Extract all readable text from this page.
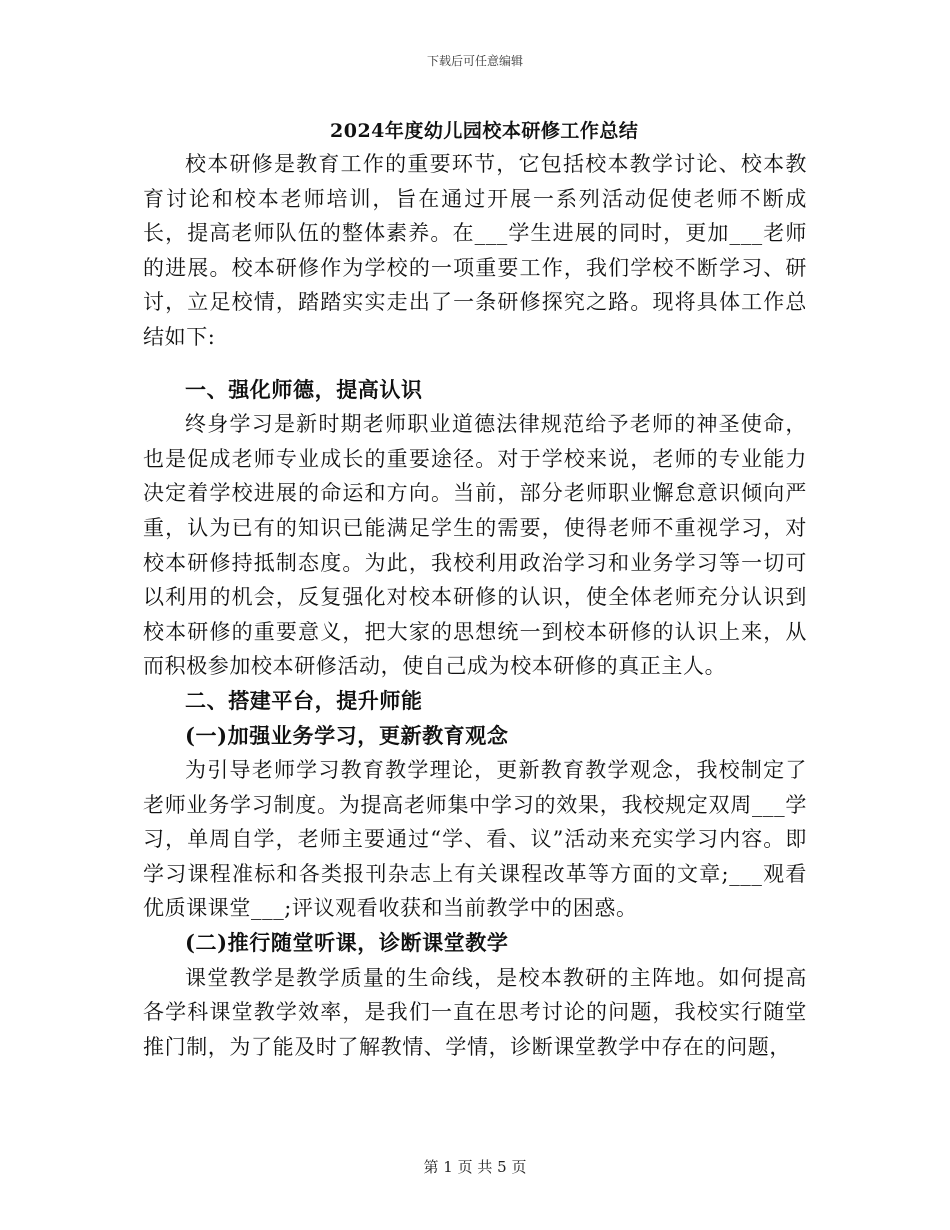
下载后可任意编辑
2024年度幼儿园校本研修工作总结

校本研修是教育工作的重要环节，它包括校本教学讨论、校本教育讨论和校本老师培训，旨在通过开展一系列活动促使老师不断成长，提高老师队伍的整体素养。在___学生进展的同时，更加___老师的进展。校本研修作为学校的一项重要工作，我们学校不断学习、研讨，立足校情，踏踏实实走出了一条研修探究之路。现将具体工作总结如下:

一、强化师德，提高认识

终身学习是新时期老师职业道德法律规范给予老师的神圣使命，也是促成老师专业成长的重要途径。对于学校来说，老师的专业能力决定着学校进展的命运和方向。当前，部分老师职业懈怠意识倾向严重，认为已有的知识已能满足学生的需要，使得老师不重视学习，对校本研修持抵制态度。为此，我校利用政治学习和业务学习等一切可以利用的机会，反复强化对校本研修的认识，使全体老师充分认识到校本研修的重要意义，把大家的思想统一到校本研修的认识上来，从而积极参加校本研修活动，使自己成为校本研修的真正主人。

二、搭建平台，提升师能
(一)加强业务学习，更新教育观念

为引导老师学习教育教学理论，更新教育教学观念，我校制定了老师业务学习制度。为提高老师集中学习的效果，我校规定双周___学习，单周自学，老师主要通过“学、看、议”活动来充实学习内容。即学习课程准标和各类报刊杂志上有关课程改革等方面的文章;___观看优质课课堂___;评议观看收获和当前教学中的困惑。

(二)推行随堂听课，诊断课堂教学

课堂教学是教学质量的生命线，是校本教研的主阵地。如何提高各学科课堂教学效率，是我们一直在思考讨论的问题，我校实行随堂推门制，为了能及时了解教情、学情，诊断课堂教学中存在的问题，

第 1 页 共 5 页
